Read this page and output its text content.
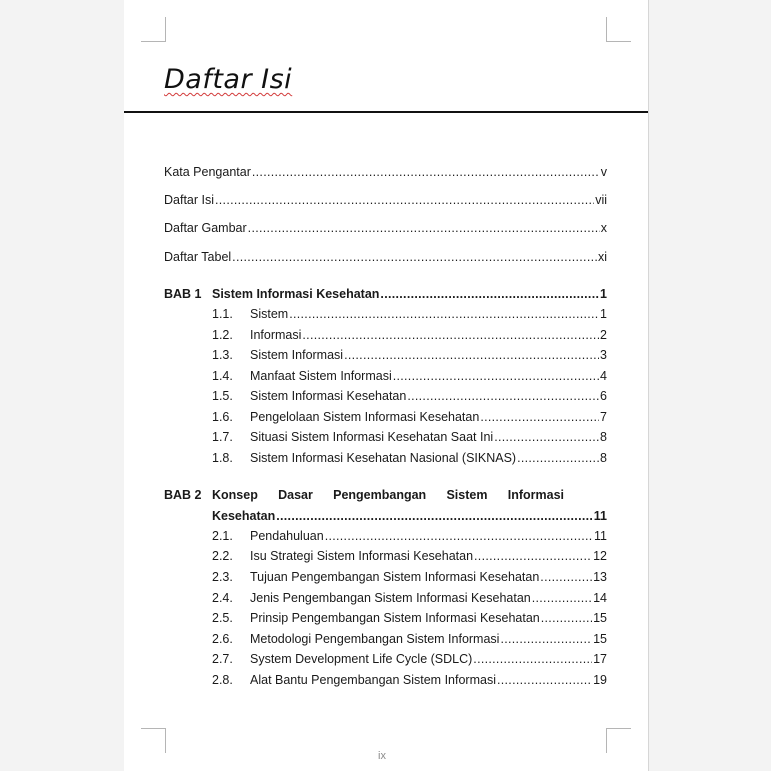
Daftar Isi
Kata Pengantar .....	v
Daftar Isi .....	vii
Daftar Gambar .....	x
Daftar Tabel .....	xi
BAB 1 Sistem Informasi Kesehatan .....	1
1.1. Sistem .....	1
1.2. Informasi .....	2
1.3. Sistem Informasi .....	3
1.4. Manfaat Sistem Informasi .....	4
1.5. Sistem Informasi Kesehatan .....	6
1.6. Pengelolaan Sistem Informasi Kesehatan .....	7
1.7. Situasi Sistem Informasi Kesehatan Saat Ini .....	8
1.8. Sistem Informasi Kesehatan Nasional (SIKNAS) .....	8
BAB 2 Konsep Dasar Pengembangan Sistem Informasi
Kesehatan .....	11
2.1. Pendahuluan .....	11
2.2. Isu Strategi Sistem Informasi Kesehatan .....	12
2.3. Tujuan Pengembangan Sistem Informasi Kesehatan .....	13
2.4. Jenis Pengembangan Sistem Informasi Kesehatan .....	14
2.5. Prinsip Pengembangan Sistem Informasi Kesehatan .....	15
2.6. Metodologi Pengembangan Sistem Informasi .....	15
2.7. System Development Life Cycle (SDLC) .....	17
2.8. Alat Bantu Pengembangan Sistem Informasi .....	19
ix
